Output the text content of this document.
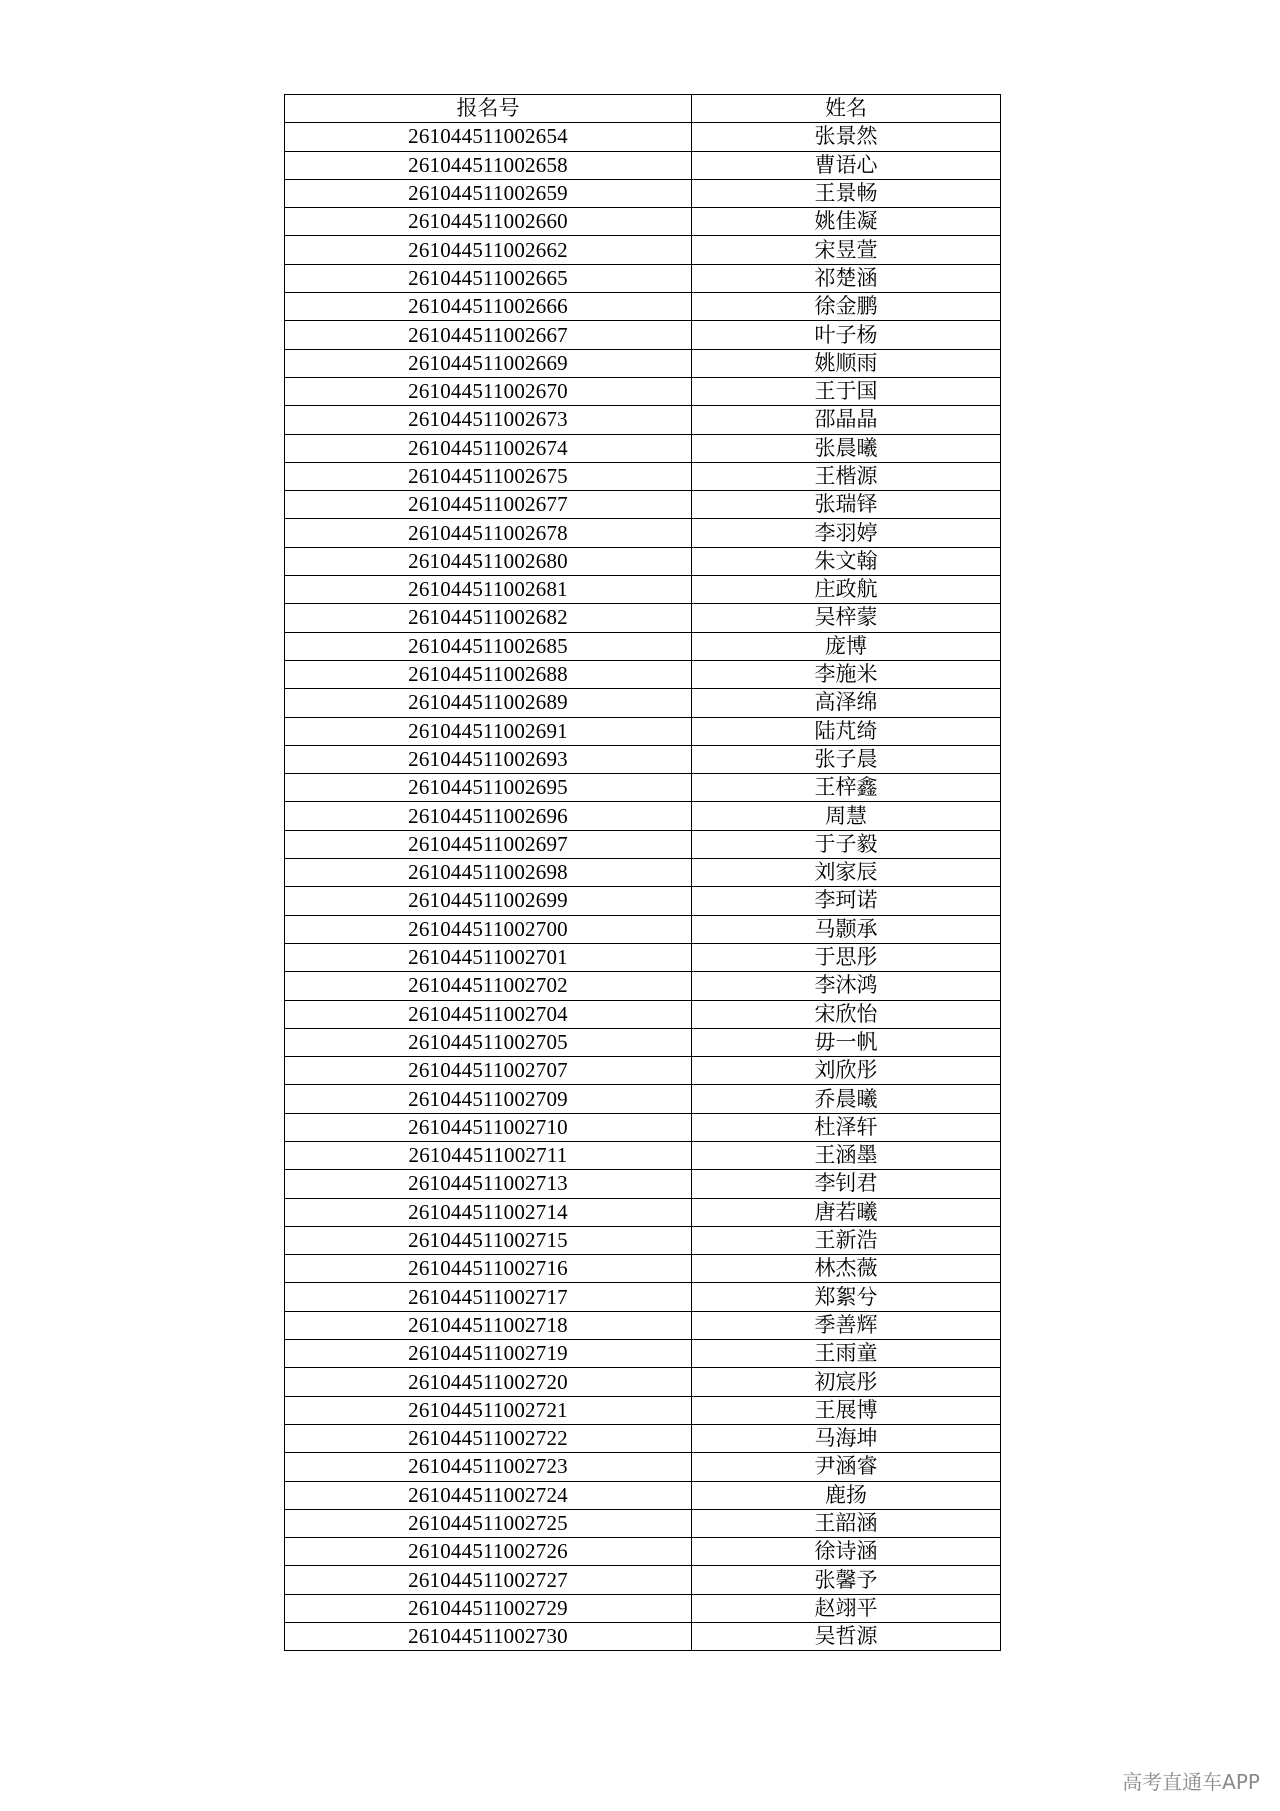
报名号	姓名
261044511002654	张景然
261044511002658	曹语心
261044511002659	王景畅
261044511002660	姚佳凝
261044511002662	宋昱萱
261044511002665	祁楚涵
261044511002666	徐金鹏
261044511002667	叶子杨
261044511002669	姚顺雨
261044511002670	王于国
261044511002673	邵晶晶
261044511002674	张晨曦
261044511002675	王楷源
261044511002677	张瑞铎
261044511002678	李羽婷
261044511002680	朱文翰
261044511002681	庄政航
261044511002682	吴梓蒙
261044511002685	庞博
261044511002688	李施米
261044511002689	高泽绵
261044511002691	陆芃绮
261044511002693	张子晨
261044511002695	王梓鑫
261044511002696	周慧
261044511002697	于子毅
261044511002698	刘家辰
261044511002699	李珂诺
261044511002700	马颢承
261044511002701	于思彤
261044511002702	李沐鸿
261044511002704	宋欣怡
261044511002705	毋一帆
261044511002707	刘欣彤
261044511002709	乔晨曦
261044511002710	杜泽轩
261044511002711	王涵墨
261044511002713	李钊君
261044511002714	唐若曦
261044511002715	王新浩
261044511002716	林杰薇
261044511002717	郑絮兮
261044511002718	季善辉
261044511002719	王雨童
261044511002720	初宸彤
261044511002721	王展博
261044511002722	马海坤
261044511002723	尹涵睿
261044511002724	鹿扬
261044511002725	王韶涵
261044511002726	徐诗涵
261044511002727	张馨予
261044511002729	赵翊平
261044511002730	吴哲源
高考直通车APP
